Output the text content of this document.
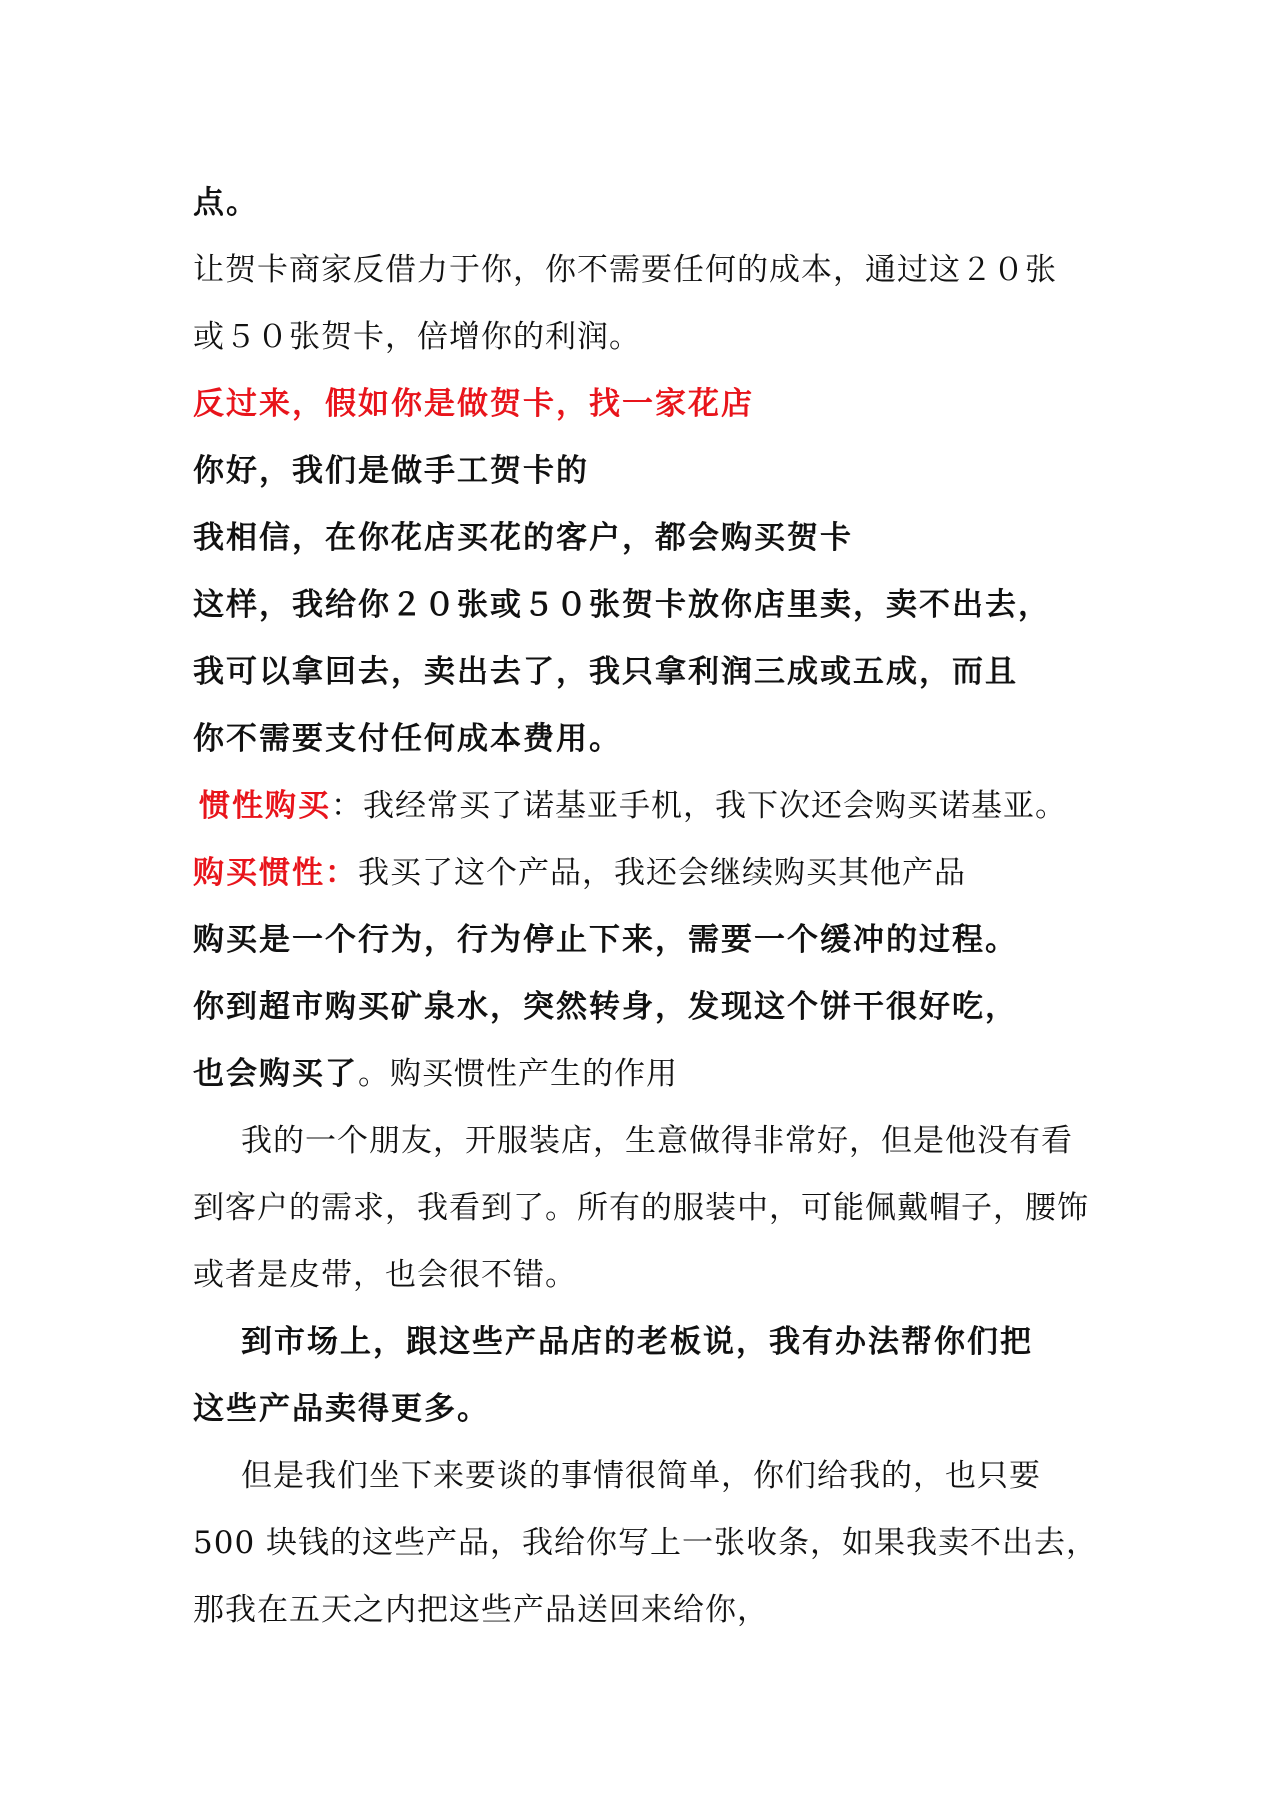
点。
让贺卡商家反借力于你，你不需要任何的成本，通过这２０张
或５０张贺卡，倍增你的利润。
反过来，假如你是做贺卡，找一家花店
你好，我们是做手工贺卡的
我相信，在你花店买花的客户，都会购买贺卡
这样，我给你２０张或５０张贺卡放你店里卖，卖不出去，
我可以拿回去，卖出去了，我只拿利润三成或五成，而且
你不需要支付任何成本费用。
惯性购买：我经常买了诺基亚手机，我下次还会购买诺基亚。
购买惯性：我买了这个产品，我还会继续购买其他产品
购买是一个行为，行为停止下来，需要一个缓冲的过程。
你到超市购买矿泉水，突然转身，发现这个饼干很好吃，
也会购买了。购买惯性产生的作用
我的一个朋友，开服装店，生意做得非常好，但是他没有看
到客户的需求，我看到了。所有的服装中，可能佩戴帽子，腰饰
或者是皮带，也会很不错。
到市场上，跟这些产品店的老板说，我有办法帮你们把
这些产品卖得更多。
但是我们坐下来要谈的事情很简单，你们给我的，也只要
500 块钱的这些产品，我给你写上一张收条，如果我卖不出去，
那我在五天之内把这些产品送回来给你，
